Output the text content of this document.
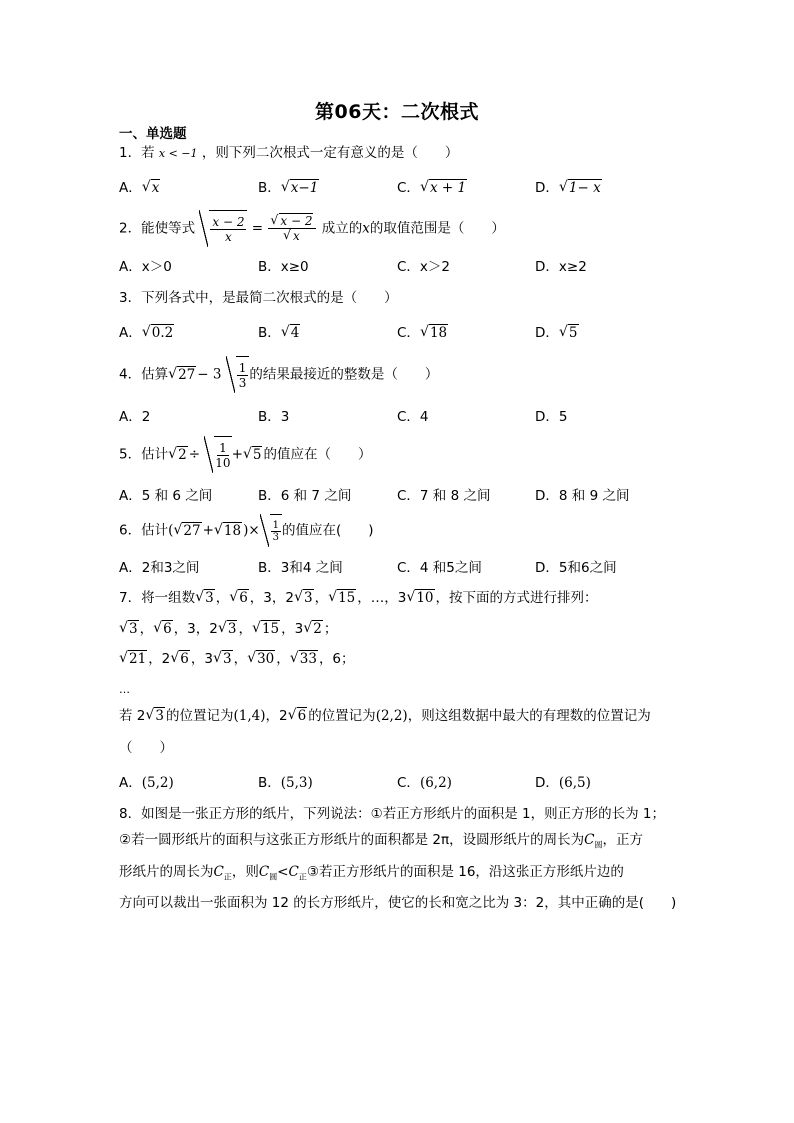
第06天：二次根式
一、单选题
1．若 x < −1 ，则下列二次根式一定有意义的是（　　）
A． √ x	B． √ x−1	C． √ x + 1	D． √ 1− x
2．能使等式 $\frac{x - 2}{x}$ = √ x − 2
√ x 成立的x的取值范围是（　　）
A．x＞0	B．x≥0	C．x＞2	D．x≥2
3．下列各式中，是最简二次根式的是（　　）
A． √ 0.2	B． √ 4	C． √ 18	D． √ 5
4．估算 √ $27 - 3 \frac{1}{3}$ 的结果最接近的整数是（　　）
A．2	B．3	C．4	D．5
5．估计 √ $2 \div \frac{1}{10}$ + √ 5 的值应在（　　）
A．5 和 6 之间	B．6 和 7 之间	C．7 和 8 之间	D．8 和 9 之间
6．估计( √ 27 + √ 18 )× $\frac{1}{3}$ 的值应在(　　)
A．2和3之间	B．3和4 之间	C．4 和5之间	D．5和6之间
7．将一组数 √ 3 ， √ 6 ，3，2 √ 3 ， √ 15 ，…，3 √ 10 ，按下面的方式进行排列：
√ 3 ， √ 6 ，3，2 √ 3 ， √ 15 ，3 √ 2 ；
√ 21 ，2 √ 6 ，3 √ 3 ， √ 30 ， √ 33 ，6；
…
若 2 √ 3 的位置记为(1,4)，2 √ 6 的位置记为(2,2)，则这组数据中最大的有理数的位置记为
（　　）
A．(5,2)	B．(5,3)	C．(6,2)	D．(6,5)
8．如图是一张正方形的纸片，下列说法：①若正方形纸片的面积是 1，则正方形的长为 1；
②若一圆形纸片的面积与这张正方形纸片的面积都是 2π，设圆形纸片的周长为$C_圆$，正方
形纸片的周长为$C_正$，则$C_圆<C_正③$若正方形纸片的面积是 16，沿这张正方形纸片边的
方向可以裁出一张面积为 12 的长方形纸片，使它的长和宽之比为 3：2，其中正确的是(　　)
